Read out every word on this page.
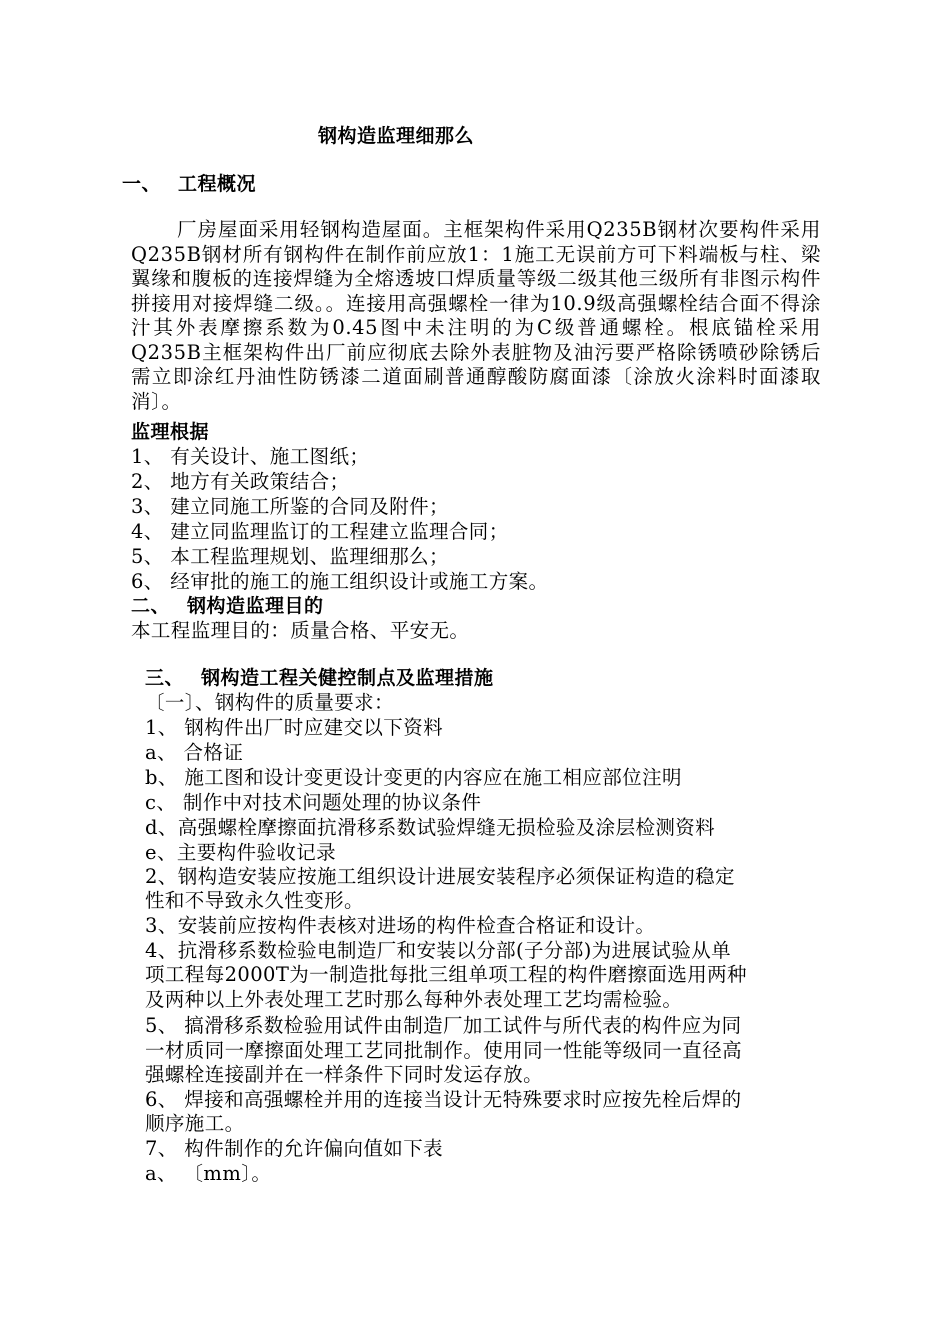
钢构造监理细那么
一、 工程概况

厂房屋面采用轻钢构造屋面。主框架构件采用Q235B钢材次要构件采用Q235B钢材所有钢构件在制作前应放1：1施工无误前方可下料端板与柱、梁翼缘和腹板的连接焊缝为全熔透坡口焊质量等级二级其他三级所有非图示构件拼接用对接焊缝二级。。连接用高强螺栓一律为10.9级高强螺栓结合面不得涂汁其外表摩擦系数为0.45图中未注明的为C级普通螺栓。根底锚栓采用Q235B主框架构件出厂前应彻底去除外表脏物及油污要严格除锈喷砂除锈后需立即涂红丹油性防锈漆二道面刷普通醇酸防腐面漆〔涂放火涂料时面漆取消〕。

监理根据
1、 有关设计、施工图纸；
2、 地方有关政策结合；
3、 建立同施工所鉴的合同及附件；
4、 建立同监理监订的工程建立监理合同；
5、 本工程监理规划、监理细那么；
6、 经审批的施工的施工组织设计或施工方案。
二、 钢构造监理目的
本工程监理目的：质量合格、平安无。
三、 钢构造工程关健控制点及监理措施
〔一〕、钢构件的质量要求：
1、 钢构件出厂时应建交以下资料
a、 合格证
b、 施工图和设计变更设计变更的内容应在施工相应部位注明
c、 制作中对技术问题处理的协议条件
d、高强螺栓摩擦面抗滑移系数试验焊缝无损检验及涂层检测资料
e、主要构件验收记录
2、钢构造安装应按施工组织设计进展安装程序必须保证构造的稳定
性和不导致永久性变形。
3、安装前应按构件表核对进场的构件检查合格证和设计。
4、抗滑移系数检验电制造厂和安装以分部(子分部)为进展试验从单
项工程每2000T为一制造批每批三组单项工程的构件磨擦面选用两种
及两种以上外表处理工艺时那么每种外表处理工艺均需检验。
5、 搞滑移系数检验用试件由制造厂加工试件与所代表的构件应为同
一材质同一摩擦面处理工艺同批制作。使用同一性能等级同一直径高
强螺栓连接副并在一样条件下同时发运存放。
6、 焊接和高强螺栓并用的连接当设计无特殊要求时应按先栓后焊的
顺序施工。
7、 构件制作的允许偏向值如下表
a、 〔mm〕。
